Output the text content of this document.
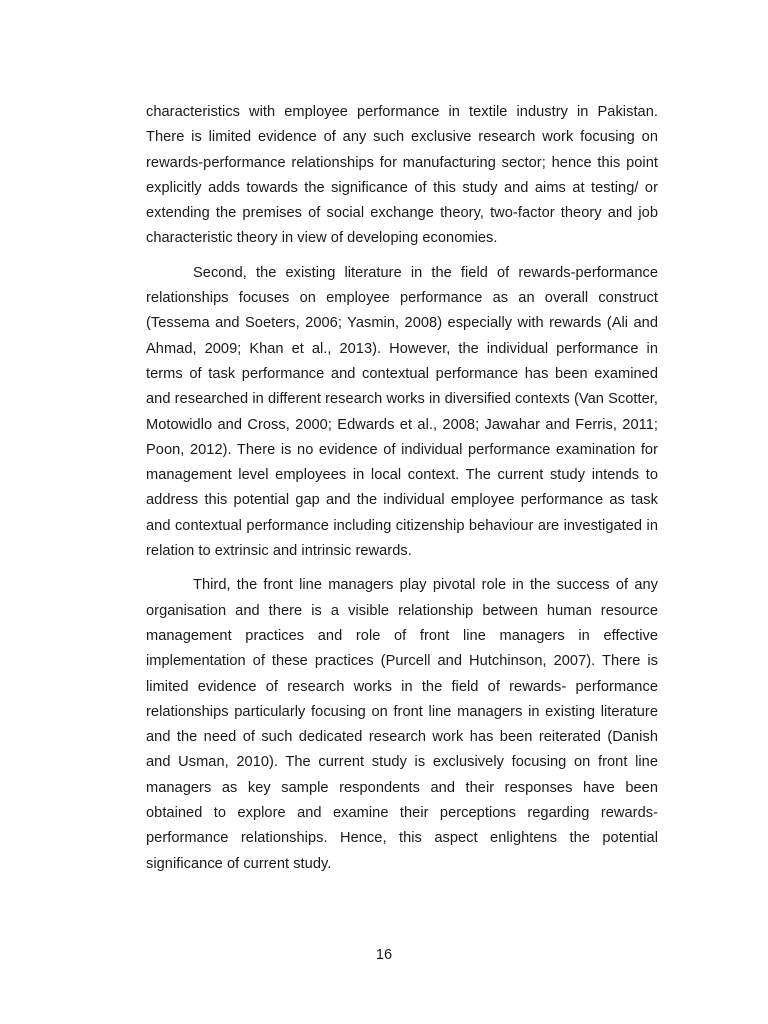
characteristics with employee performance in textile industry in Pakistan. There is limited evidence of any such exclusive research work focusing on rewards-performance relationships for manufacturing sector; hence this point explicitly adds towards the significance of this study and aims at testing/ or extending the premises of social exchange theory, two-factor theory and job characteristic theory in view of developing economies.

Second, the existing literature in the field of rewards-performance relationships focuses on employee performance as an overall construct (Tessema and Soeters, 2006; Yasmin, 2008) especially with rewards (Ali and Ahmad, 2009; Khan et al., 2013). However, the individual performance in terms of task performance and contextual performance has been examined and researched in different research works in diversified contexts (Van Scotter, Motowidlo and Cross, 2000; Edwards et al., 2008; Jawahar and Ferris, 2011; Poon, 2012). There is no evidence of individual performance examination for management level employees in local context. The current study intends to address this potential gap and the individual employee performance as task and contextual performance including citizenship behaviour are investigated in relation to extrinsic and intrinsic rewards.

Third, the front line managers play pivotal role in the success of any organisation and there is a visible relationship between human resource management practices and role of front line managers in effective implementation of these practices (Purcell and Hutchinson, 2007). There is limited evidence of research works in the field of rewards- performance relationships particularly focusing on front line managers in existing literature and the need of such dedicated research work has been reiterated (Danish and Usman, 2010). The current study is exclusively focusing on front line managers as key sample respondents and their responses have been obtained to explore and examine their perceptions regarding rewards-performance relationships. Hence, this aspect enlightens the potential significance of current study.

16
